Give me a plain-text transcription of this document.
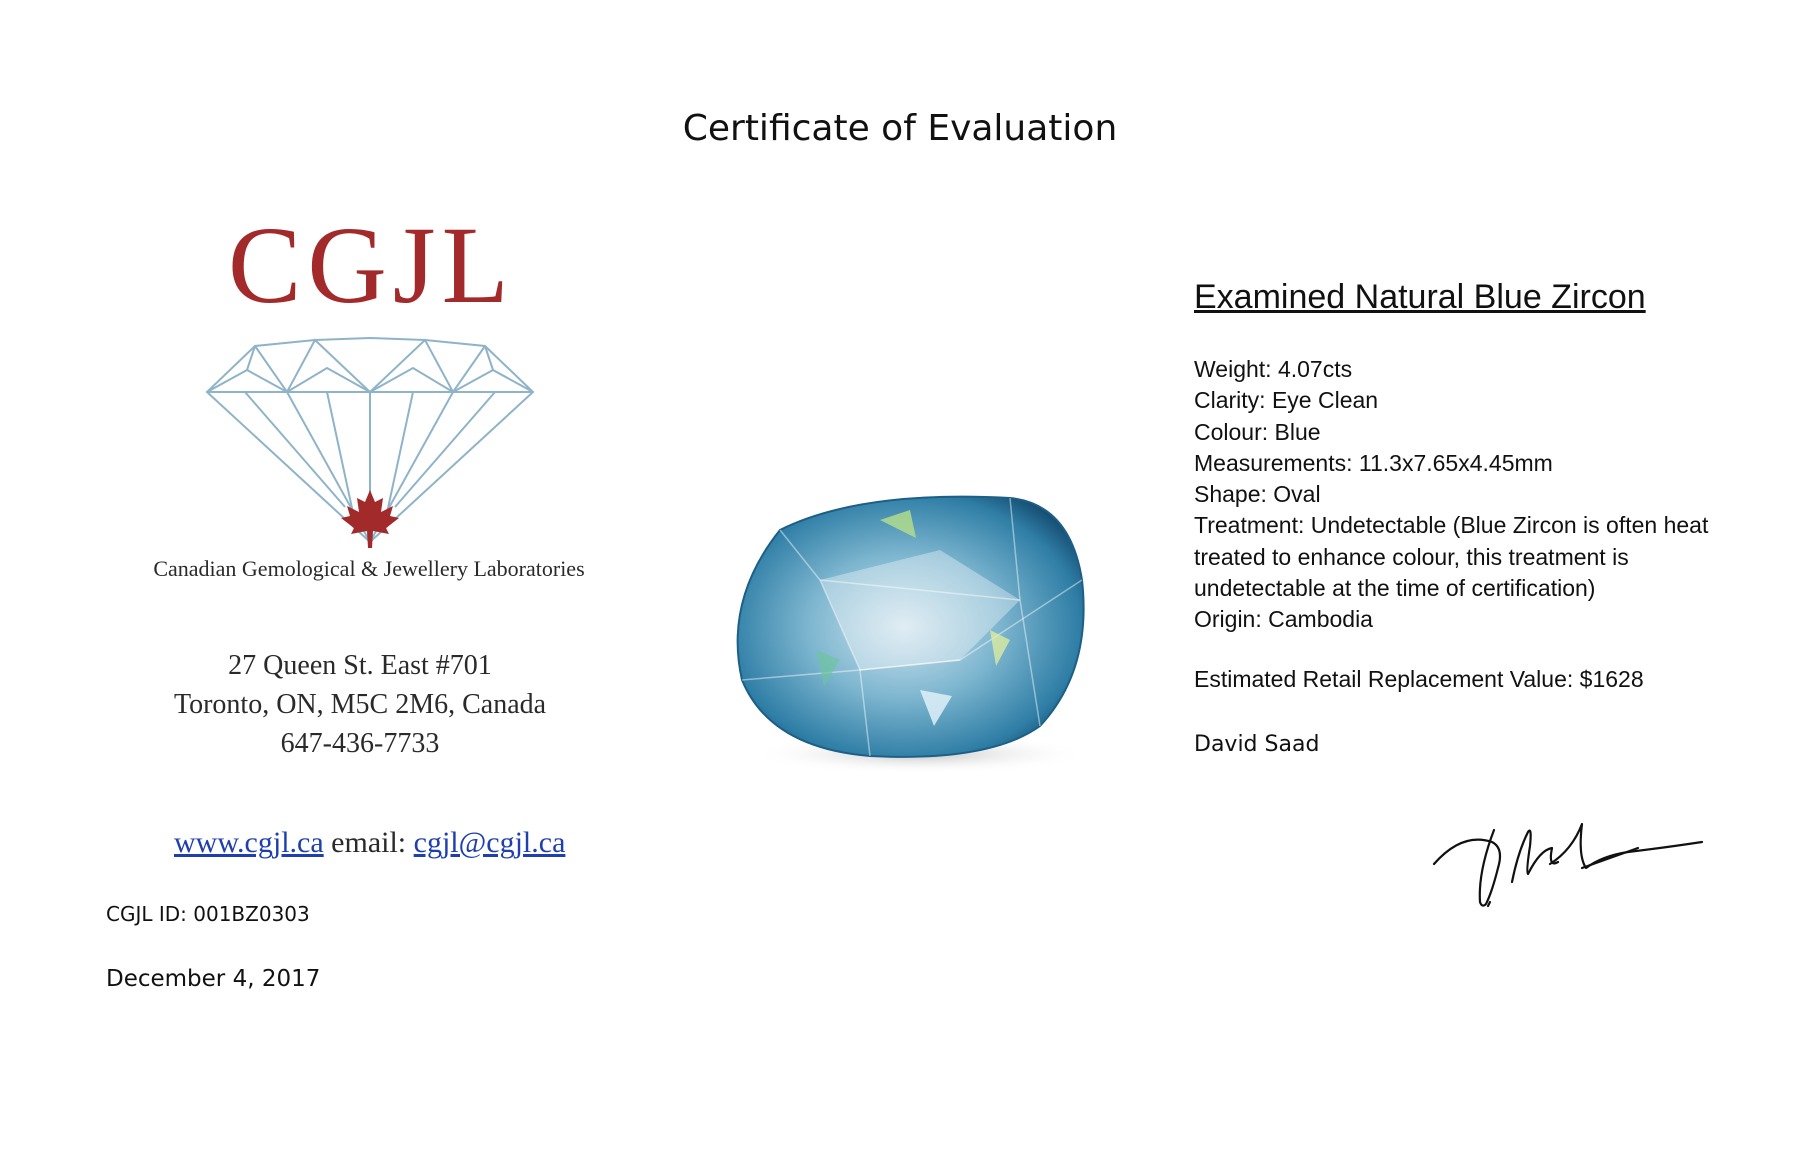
Certificate of Evaluation
CGJL
Canadian Gemological & Jewellery Laboratories
27 Queen St. East #701
Toronto, ON, M5C 2M6, Canada
647-436-7733
www.cgjl.ca email: cgjl@cgjl.ca
CGJL ID: 001BZ0303
December 4, 2017
Examined Natural Blue Zircon
Weight: 4.07cts
Clarity: Eye Clean
Colour: Blue
Measurements: 11.3x7.65x4.45mm
Shape: Oval
Treatment: Undetectable (Blue Zircon is often heat treated to enhance colour, this treatment is undetectable at the time of certification)
Origin: Cambodia
Estimated Retail Replacement Value: $1628
David Saad
